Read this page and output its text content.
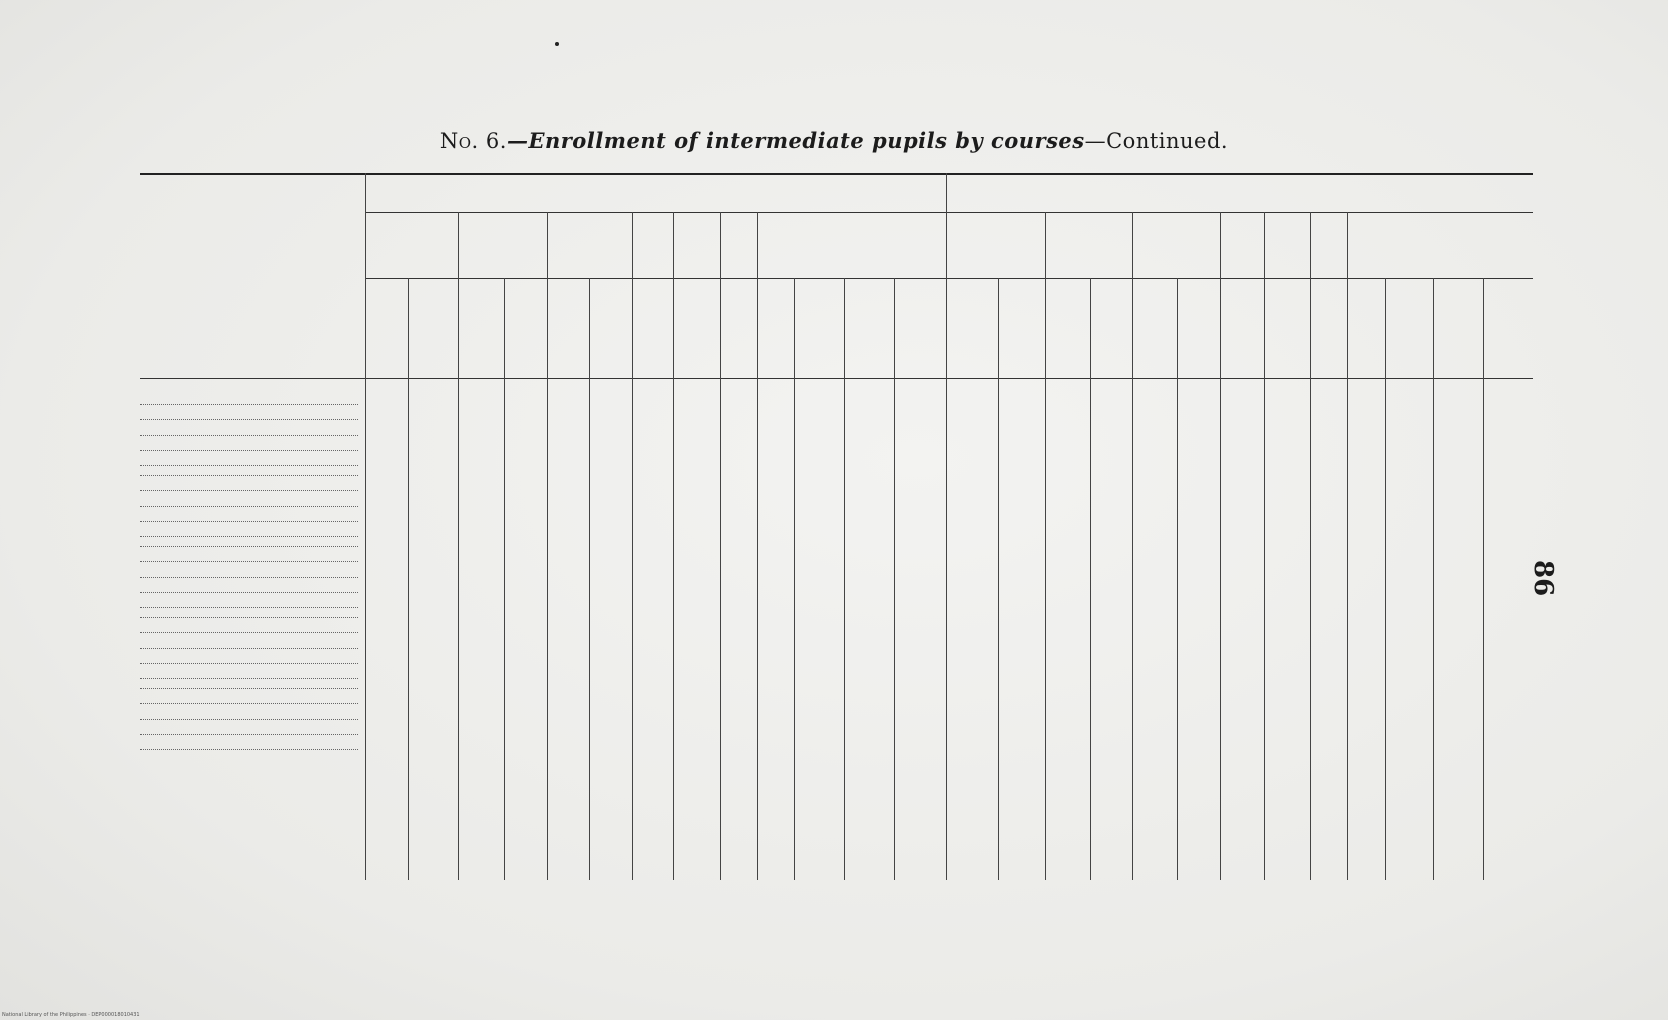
No. 6.—Enrollment of intermediate pupils by courses—Continued.
86
National Library of the Philippines · DEP000018010431
